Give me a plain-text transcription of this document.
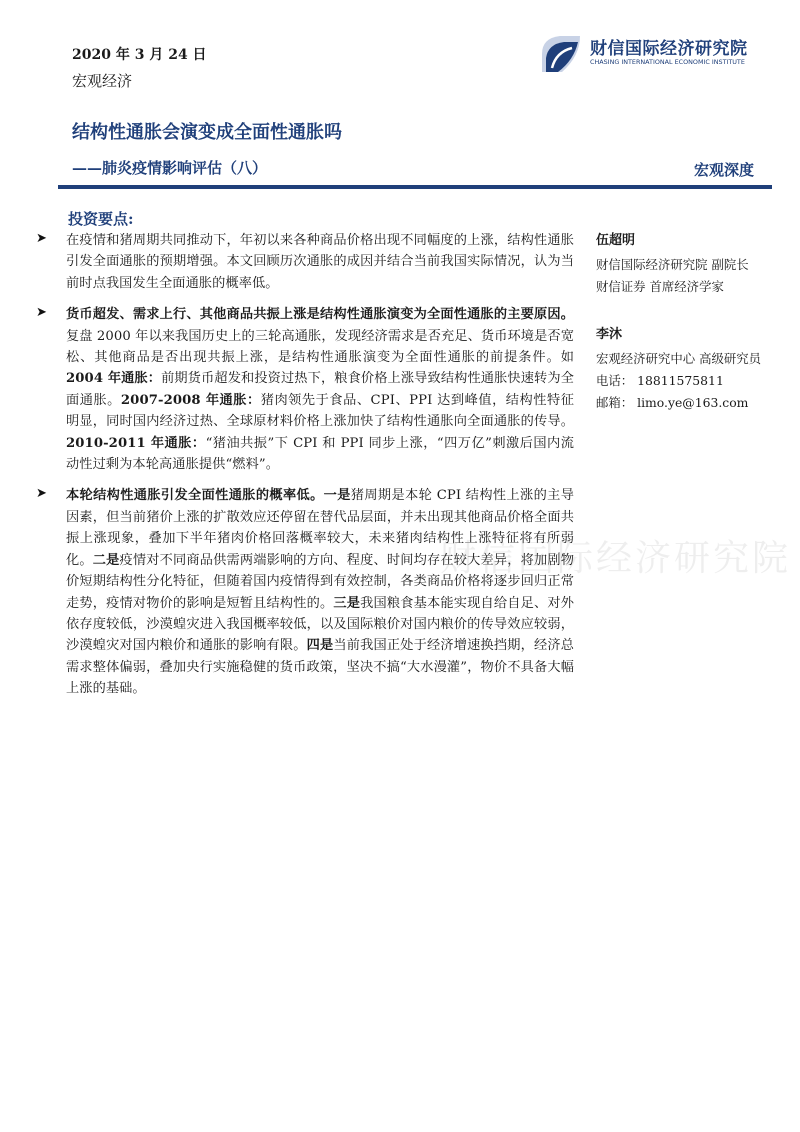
2020 年 3 月 24 日
宏观经济
财信国际经济研究院
CHASING INTERNATIONAL ECONOMIC INSTITUTE
结构性通胀会演变成全面性通胀吗
——肺炎疫情影响评估（八）	宏观深度
投资要点:
➤ 在疫情和猪周期共同推动下，年初以来各种商品价格出现不同幅度的上涨，结构性通胀引发全面通胀的预期增强。本文回顾历次通胀的成因并结合当前我国实际情况，认为当前时点我国发生全面通胀的概率低。
➤ 货币超发、需求上行、其他商品共振上涨是结构性通胀演变为全面性通胀的主要原因。复盘 2000 年以来我国历史上的三轮高通胀，发现经济需求是否充足、货币环境是否宽松、其他商品是否出现共振上涨，是结构性通胀演变为全面性通胀的前提条件。如 2004 年通胀：前期货币超发和投资过热下，粮食价格上涨导致结构性通胀快速转为全面通胀。2007-2008 年通胀：猪肉领先于食品、CPI、PPI 达到峰值，结构性特征明显，同时国内经济过热、全球原材料价格上涨加快了结构性通胀向全面通胀的传导。2010-2011 年通胀：“猪油共振”下 CPI 和 PPI 同步上涨，“四万亿”刺激后国内流动性过剩为本轮高通胀提供“燃料”。
➤ 本轮结构性通胀引发全面性通胀的概率低。一是猪周期是本轮 CPI 结构性上涨的主导因素，但当前猪价上涨的扩散效应还停留在替代品层面，并未出现其他商品价格全面共振上涨现象，叠加下半年猪肉价格回落概率较大，未来猪肉结构性上涨特征将有所弱化。二是疫情对不同商品供需两端影响的方向、程度、时间均存在较大差异，将加剧物价短期结构性分化特征，但随着国内疫情得到有效控制，各类商品价格将逐步回归正常走势，疫情对物价的影响是短暂且结构性的。三是我国粮食基本能实现自给自足、对外依存度较低，沙漠蝗灾进入我国概率较低，以及国际粮价对国内粮价的传导效应较弱，沙漠蝗灾对国内粮价和通胀的影响有限。四是当前我国正处于经济增速换挡期，经济总需求整体偏弱，叠加央行实施稳健的货币政策，坚决不搞“大水漫灌”，物价不具备大幅上涨的基础。
伍超明
财信国际经济研究院 副院长
财信证券 首席经济学家
李沐
宏观经济研究中心 高级研究员
电话： 18811575811
邮箱： limo.ye@163.com
财信国际经济研究院
